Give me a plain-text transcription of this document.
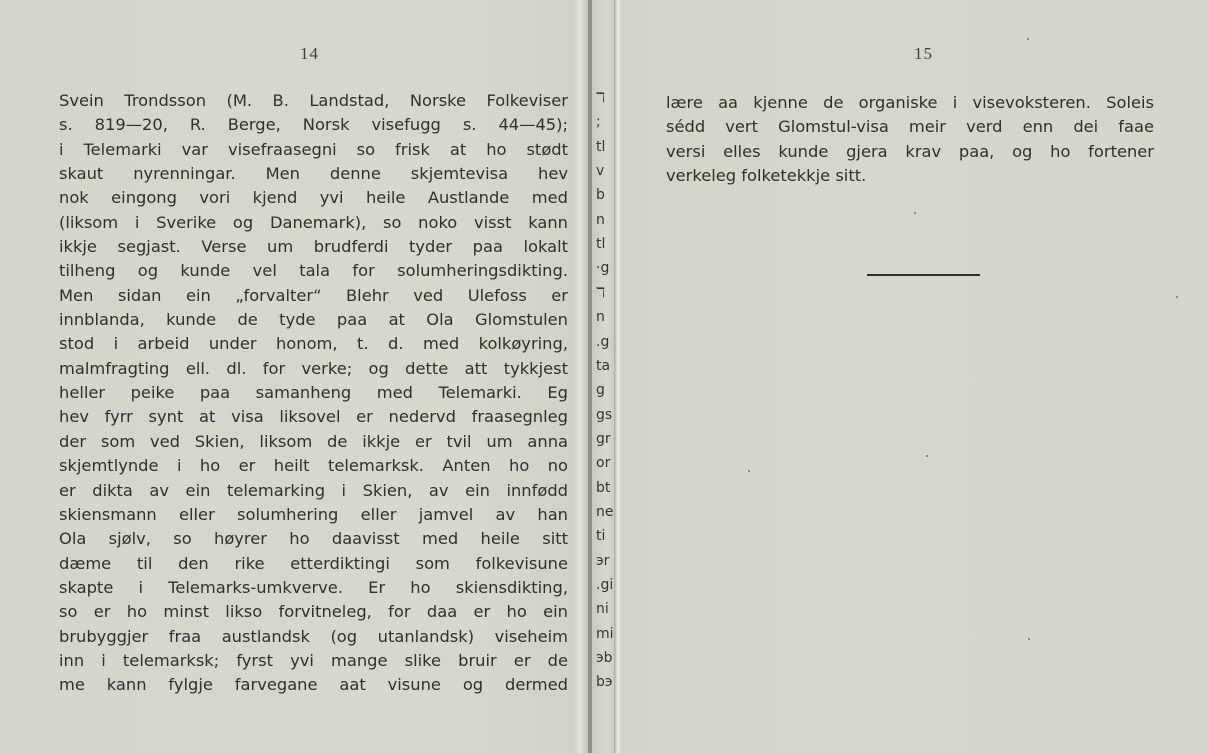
14
Svein Trondsson (M. B. Landstad, Norske Folkeviser
s. 819—20, R. Berge, Norsk visefugg s. 44—45);
i Telemarki var visefraasegni so frisk at ho stødt
skaut nyrenningar. Men denne skjemtevisa hev
nok eingong vori kjend yvi heile Austlande med
(liksom i Sverike og Danemark), so noko visst kann
ikkje segjast. Verse um brudferdi tyder paa lokalt
tilheng og kunde vel tala for solumheringsdikting.
Men sidan ein „forvalter“ Blehr ved Ulefoss er
innblanda, kunde de tyde paa at Ola Glomstulen
stod i arbeid under honom, t. d. med kolkøyring,
malmfragting ell. dl. for verke; og dette att tykkjest
heller peike paa samanheng med Telemarki. Eg
hev fyrr synt at visa liksovel er nedervd fraasegnleg
der som ved Skien, liksom de ikkje er tvil um anna
skjemtlynde i ho er heilt telemarksk. Anten ho no
er dikta av ein telemarking i Skien, av ein innfødd
skiensmann eller solumhering eller jamvel av han
Ola sjølv, so høyrer ho daavisst med heile sitt
dæme til den rike etterdiktingi som folkevisune
skapte i Telemarks-umkverve. Er ho skiensdikting,
so er ho minst likso forvitneleg, for daa er ho ein
brubyggjer fraa austlandsk (og utanlandsk) viseheim
inn i telemarksk; fyrst yvi mange slike bruir er de
me kann fylgje farvegane aat visune og dermed
15
lære aa kjenne de organiske i visevoksteren. Soleis
sédd vert Glomstul-visa meir verd enn dei faae
versi elles kunde gjera krav paa, og ho fortener
verkeleg folketekkje sitt.
ℸ
;
tl
v
b
n
tl
·g
ℸ
n
.g
ta
g
gs
gr
or
bt
ne
ti
эr
.gi
ni
mi
эb
bэ
